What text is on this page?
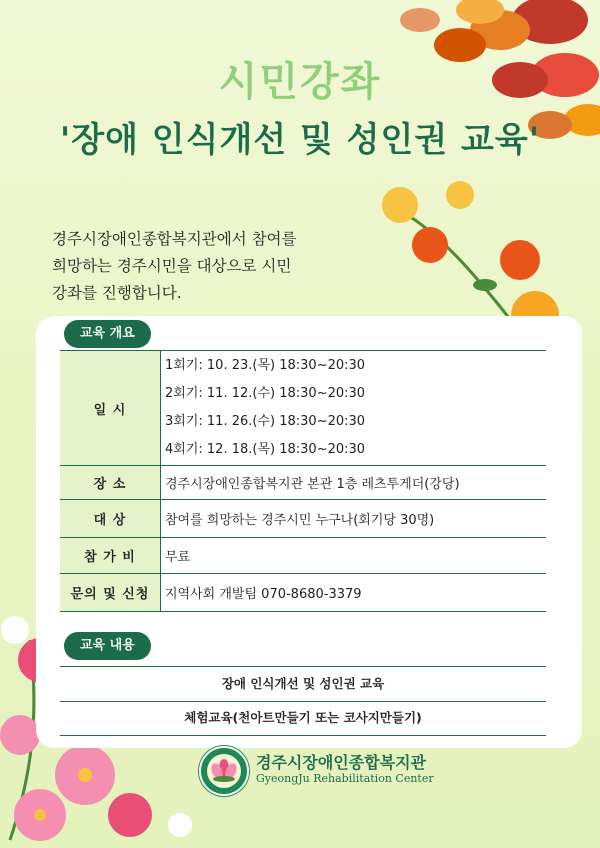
시민강좌
'장애 인식개선 및 성인권 교육'
경주시장애인종합복지관에서 참여를
희망하는 경주시민을 대상으로 시민
강좌를 진행합니다.
교육 개요
일 시	1회기: 10. 23.(목) 18:30~20:30
2회기: 11. 12.(수) 18:30~20:30
3회기: 11. 26.(수) 18:30~20:30
4회기: 12. 18.(목) 18:30~20:30

장 소	경주시장애인종합복지관 본관 1층 레츠투게더(강당)
대 상	참여를 희망하는 경주시민 누구나(회기당 30명)
참 가 비	무료
문의 및 신청	지역사회 개발팀 070-8680-3379
교육 내용
장애 인식개선 및 성인권 교육
체험교육(천아트만들기 또는 코사지만들기)
경주시장애인종합복지관
GyeongJu Rehabilitation Center
